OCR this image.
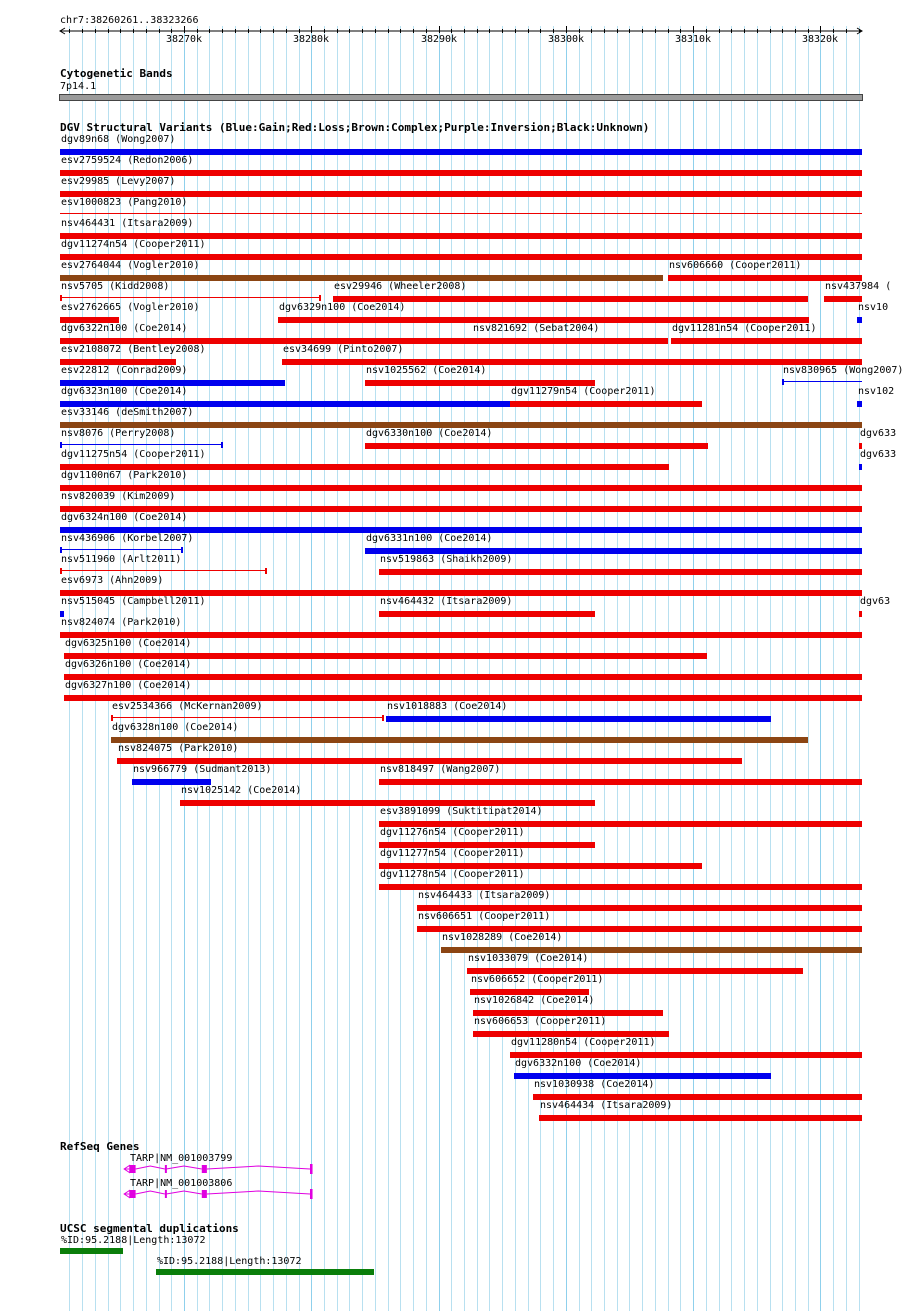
chr7:38260261..38323266
38270k	38280k	38290k	38300k	38310k	38320k
Cytogenetic Bands
7p14.1
DGV Structural Variants (Blue:Gain;Red:Loss;Brown:Complex;Purple:Inversion;Black:Unknown)
dgv89n68 (Wong2007)
esv2759524 (Redon2006)
esv29985 (Levy2007)
esv1000823 (Pang2010)
nsv464431 (Itsara2009)
dgv11274n54 (Cooper2011)
esv2764044 (Vogler2010)	nsv606660 (Cooper2011)
nsv5705 (Kidd2008)	esv29946 (Wheeler2008)	nsv437984 (
esv2762665 (Vogler2010)	dgv6329n100 (Coe2014)	nsv10
dgv6322n100 (Coe2014)	nsv821692 (Sebat2004)	dgv11281n54 (Cooper2011)
esv2108072 (Bentley2008)	esv34699 (Pinto2007)
esv22812 (Conrad2009)	nsv1025562 (Coe2014)	nsv830965 (Wong2007)
dgv6323n100 (Coe2014)	dgv11279n54 (Cooper2011)	nsv102
esv33146 (deSmith2007)
nsv8076 (Perry2008)	dgv6330n100 (Coe2014)	dgv633
dgv11275n54 (Cooper2011)	dgv633
dgv1100n67 (Park2010)
nsv820039 (Kim2009)
dgv6324n100 (Coe2014)
nsv436906 (Korbel2007)	dgv6331n100 (Coe2014)
nsv511960 (Arlt2011)	nsv519863 (Shaikh2009)
esv6973 (Ahn2009)
nsv515045 (Campbell2011)	nsv464432 (Itsara2009)	dgv63
nsv824074 (Park2010)
dgv6325n100 (Coe2014)
dgv6326n100 (Coe2014)
dgv6327n100 (Coe2014)
esv2534366 (McKernan2009)	nsv1018883 (Coe2014)
dgv6328n100 (Coe2014)
nsv824075 (Park2010)
nsv966779 (Sudmant2013)	nsv818497 (Wang2007)
nsv1025142 (Coe2014)
esv3891099 (Suktitipat2014)
dgv11276n54 (Cooper2011)
dgv11277n54 (Cooper2011)
dgv11278n54 (Cooper2011)
nsv464433 (Itsara2009)
nsv606651 (Cooper2011)
nsv1028289 (Coe2014)
nsv1033079 (Coe2014)
nsv606652 (Cooper2011)
nsv1026842 (Coe2014)
nsv606653 (Cooper2011)
dgv11280n54 (Cooper2011)
dgv6332n100 (Coe2014)
nsv1030938 (Coe2014)
nsv464434 (Itsara2009)
RefSeq Genes
TARP|NM_001003799
TARP|NM_001003806
UCSC segmental duplications
%ID:95.2188|Length:13072
%ID:95.2188|Length:13072
